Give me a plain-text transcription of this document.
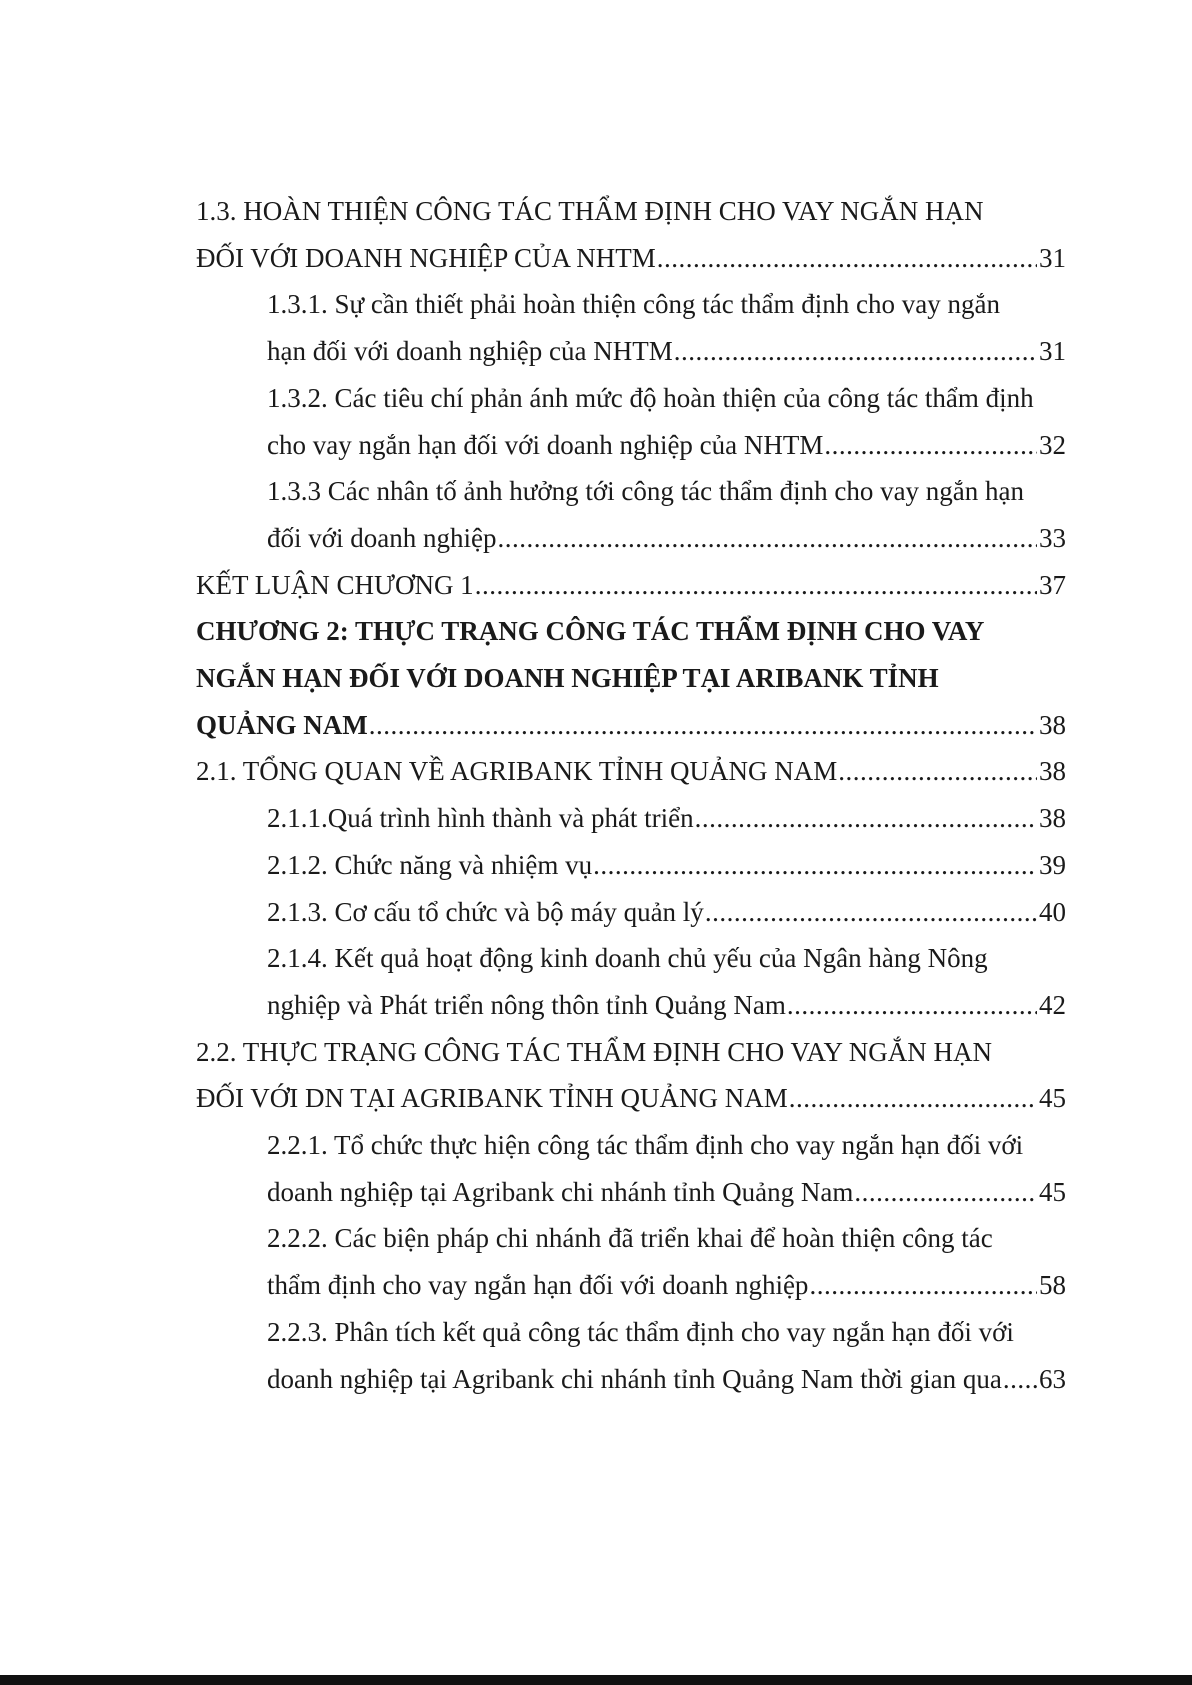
1.3. HOÀN THIỆN CÔNG TÁC THẨM ĐỊNH CHO VAY NGẮN HẠN
ĐỐI VỚI DOANH NGHIỆP CỦA NHTM .....	31
1.3.1. Sự cần thiết phải hoàn thiện công tác thẩm định cho vay ngắn
hạn đối với doanh nghiệp của NHTM .....	31
1.3.2. Các tiêu chí phản ánh mức độ hoàn thiện của công tác thẩm định
cho vay ngắn hạn đối với doanh nghiệp của NHTM .....	32
1.3.3 Các nhân tố ảnh hưởng tới công tác thẩm định cho vay ngắn hạn
đối với doanh nghiệp .....	33
KẾT LUẬN CHƯƠNG 1 .....	37
CHƯƠNG 2: THỰC TRẠNG CÔNG TÁC THẨM ĐỊNH CHO VAY
NGẮN HẠN ĐỐI VỚI DOANH NGHIỆP TẠI ARIBANK TỈNH
QUẢNG NAM .....	38
2.1. TỔNG QUAN VỀ AGRIBANK TỈNH QUẢNG NAM .....	38
2.1.1.Quá trình hình thành và phát triển .....	38
2.1.2. Chức năng và nhiệm vụ .....	39
2.1.3. Cơ cấu tổ chức và bộ máy quản lý .....	40
2.1.4. Kết quả hoạt động kinh doanh chủ yếu của Ngân hàng Nông
nghiệp và Phát triển nông thôn tỉnh Quảng Nam .....	42
2.2. THỰC TRẠNG CÔNG TÁC THẨM ĐỊNH CHO VAY NGẮN HẠN
ĐỐI VỚI DN TẠI AGRIBANK TỈNH QUẢNG NAM .....	45
2.2.1. Tổ chức thực hiện công tác thẩm định cho vay ngắn hạn đối với
doanh nghiệp tại Agribank chi nhánh tỉnh Quảng Nam .....	45
2.2.2. Các biện pháp chi nhánh đã triển khai để hoàn thiện công tác
thẩm định cho vay ngắn hạn đối với doanh nghiệp .....	58
2.2.3. Phân tích kết quả công tác thẩm định cho vay ngắn hạn đối với
doanh nghiệp tại Agribank chi nhánh tỉnh Quảng Nam thời gian qua ..... 63
